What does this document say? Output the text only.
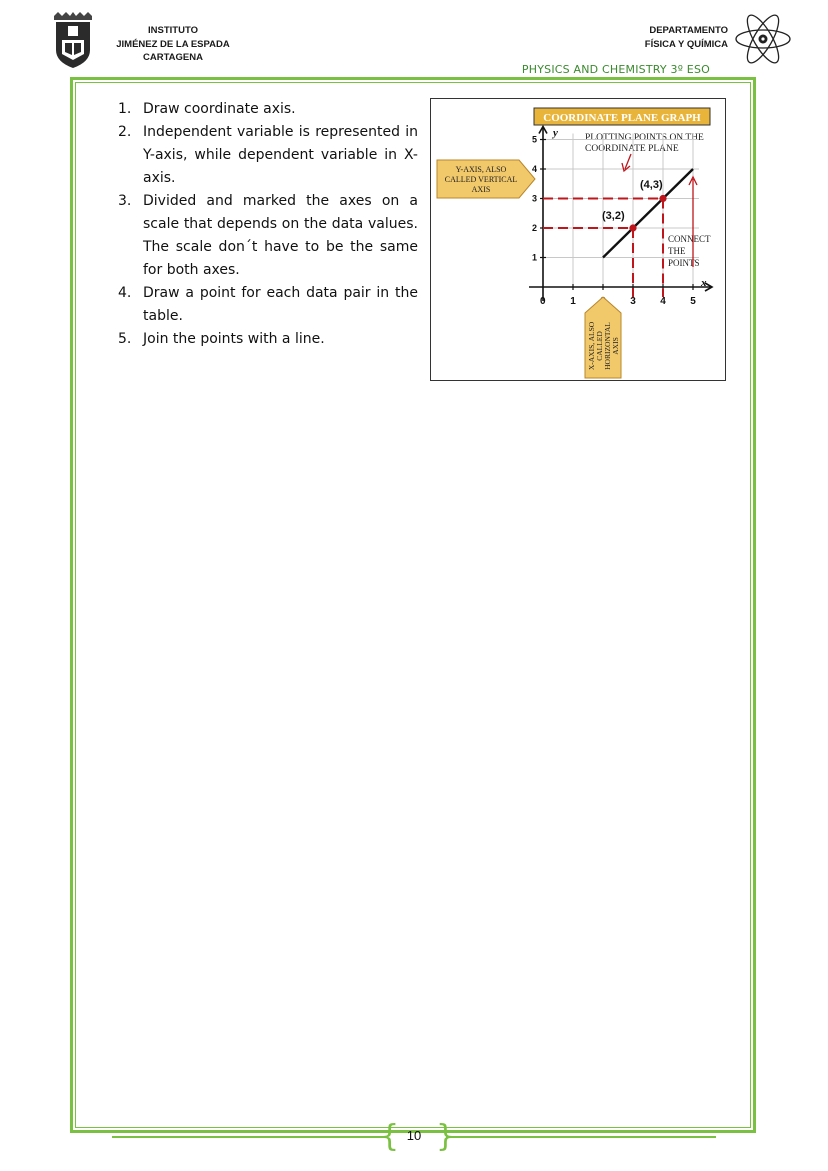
INSTITUTO
JIMÉNEZ DE LA ESPADA
CARTAGENA
DEPARTAMENTO
FÍSICA Y QUÍMICA
PHYSICS AND CHEMISTRY 3º ESO
1. Draw coordinate axis.
2. Independent variable is represented in Y-axis, while dependent variable in X-axis.
3. Divided and marked the axes on a scale that depends on the data values. The scale don´t have to be the same for both axes.
4. Draw a point for each data pair in the table.
5. Join the points with a line.
COORDINATE PLANE GRAPH
PLOTTING POINTS ON THE
COORDINATE PLANE
1	3 4 5
1
2
3
4
5
Y-AXIS, ALSO
CALLED VERTICAL
AXIS
X-AXIS, ALSO CALLED HORIZONTAL AXIS
CONNECT
THE
POINTS
(3,2)
(4,3)
0
x
y
{ }
10
